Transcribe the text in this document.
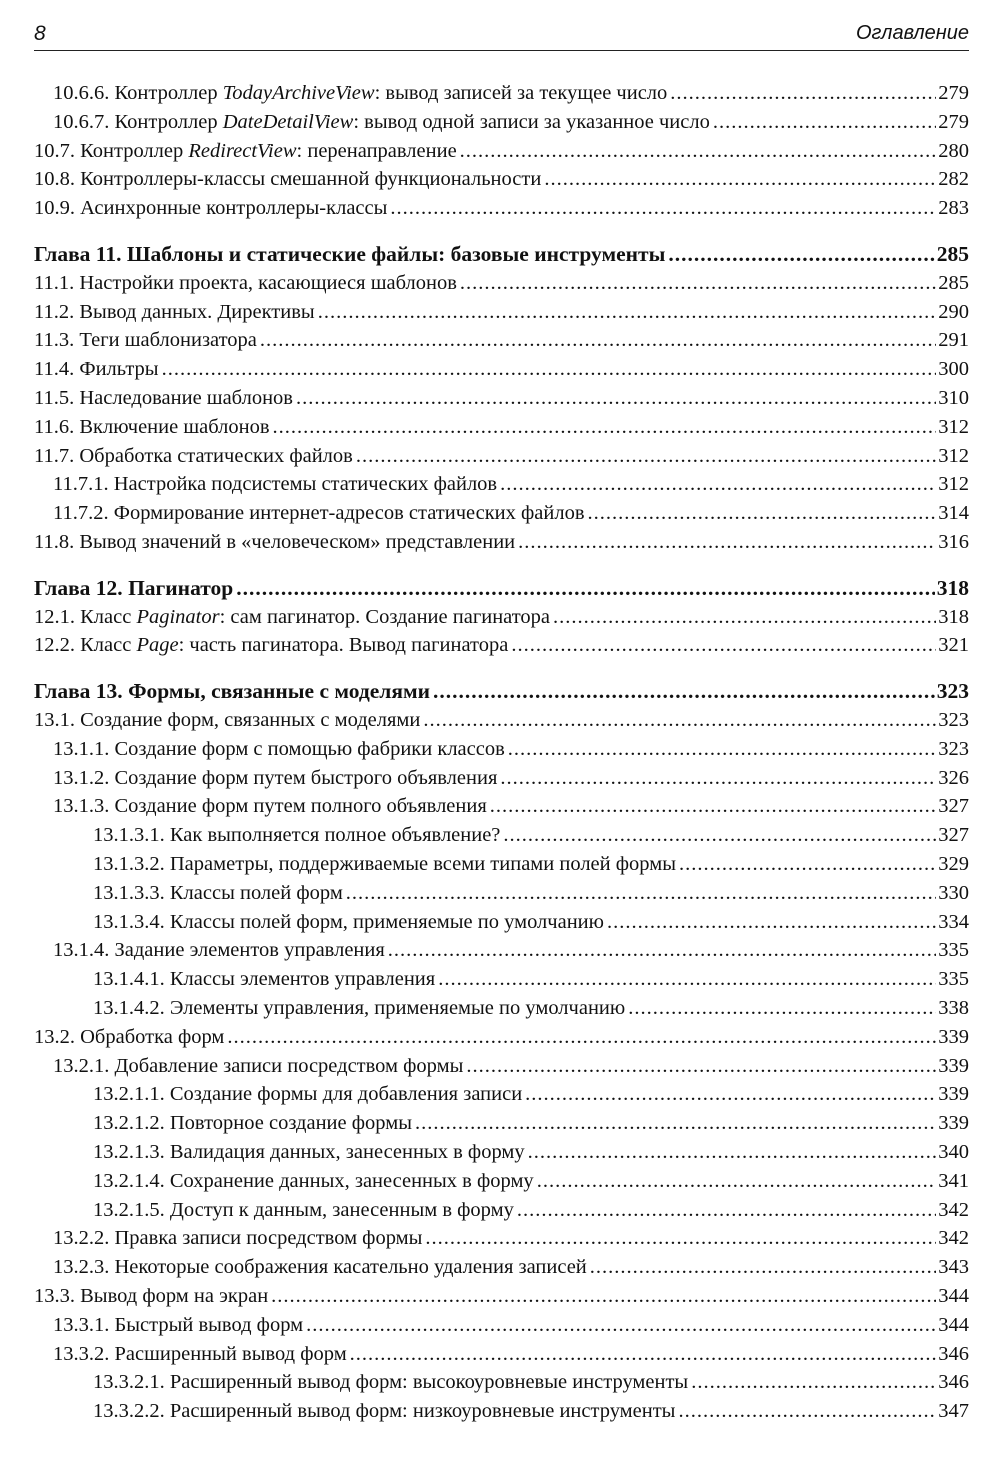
8	Оглавление
10.6.6. Контроллер TodayArchiveView: вывод записей за текущее число .....	279
10.6.7. Контроллер DateDetailView: вывод одной записи за указанное число .....	279
10.7. Контроллер RedirectView: перенаправление .....	280
10.8. Контроллеры-классы смешанной функциональности .....	282
10.9. Асинхронные контроллеры-классы .....	283
Глава 11. Шаблоны и статические файлы: базовые инструменты .....	285
11.1. Настройки проекта, касающиеся шаблонов .....	285
11.2. Вывод данных. Директивы .....	290
11.3. Теги шаблонизатора .....	291
11.4. Фильтры .....	300
11.5. Наследование шаблонов .....	310
11.6. Включение шаблонов .....	312
11.7. Обработка статических файлов .....	312
11.7.1. Настройка подсистемы статических файлов .....	312
11.7.2. Формирование интернет-адресов статических файлов .....	314
11.8. Вывод значений в «человеческом» представлении .....	316
Глава 12. Пагинатор .....	318
12.1. Класс Paginator: сам пагинатор. Создание пагинатора .....	318
12.2. Класс Page: часть пагинатора. Вывод пагинатора .....	321
Глава 13. Формы, связанные с моделями .....	323
13.1. Создание форм, связанных с моделями .....	323
13.1.1. Создание форм с помощью фабрики классов .....	323
13.1.2. Создание форм путем быстрого объявления .....	326
13.1.3. Создание форм путем полного объявления .....	327
13.1.3.1. Как выполняется полное объявление? .....	327
13.1.3.2. Параметры, поддерживаемые всеми типами полей формы .....	329
13.1.3.3. Классы полей форм .....	330
13.1.3.4. Классы полей форм, применяемые по умолчанию .....	334
13.1.4. Задание элементов управления .....	335
13.1.4.1. Классы элементов управления .....	335
13.1.4.2. Элементы управления, применяемые по умолчанию .....	338
13.2. Обработка форм .....	339
13.2.1. Добавление записи посредством формы .....	339
13.2.1.1. Создание формы для добавления записи .....	339
13.2.1.2. Повторное создание формы .....	339
13.2.1.3. Валидация данных, занесенных в форму .....	340
13.2.1.4. Сохранение данных, занесенных в форму .....	341
13.2.1.5. Доступ к данным, занесенным в форму .....	342
13.2.2. Правка записи посредством формы .....	342
13.2.3. Некоторые соображения касательно удаления записей .....	343
13.3. Вывод форм на экран .....	344
13.3.1. Быстрый вывод форм .....	344
13.3.2. Расширенный вывод форм .....	346
13.3.2.1. Расширенный вывод форм: высокоуровневые инструменты .....	346
13.3.2.2. Расширенный вывод форм: низкоуровневые инструменты .....	347
